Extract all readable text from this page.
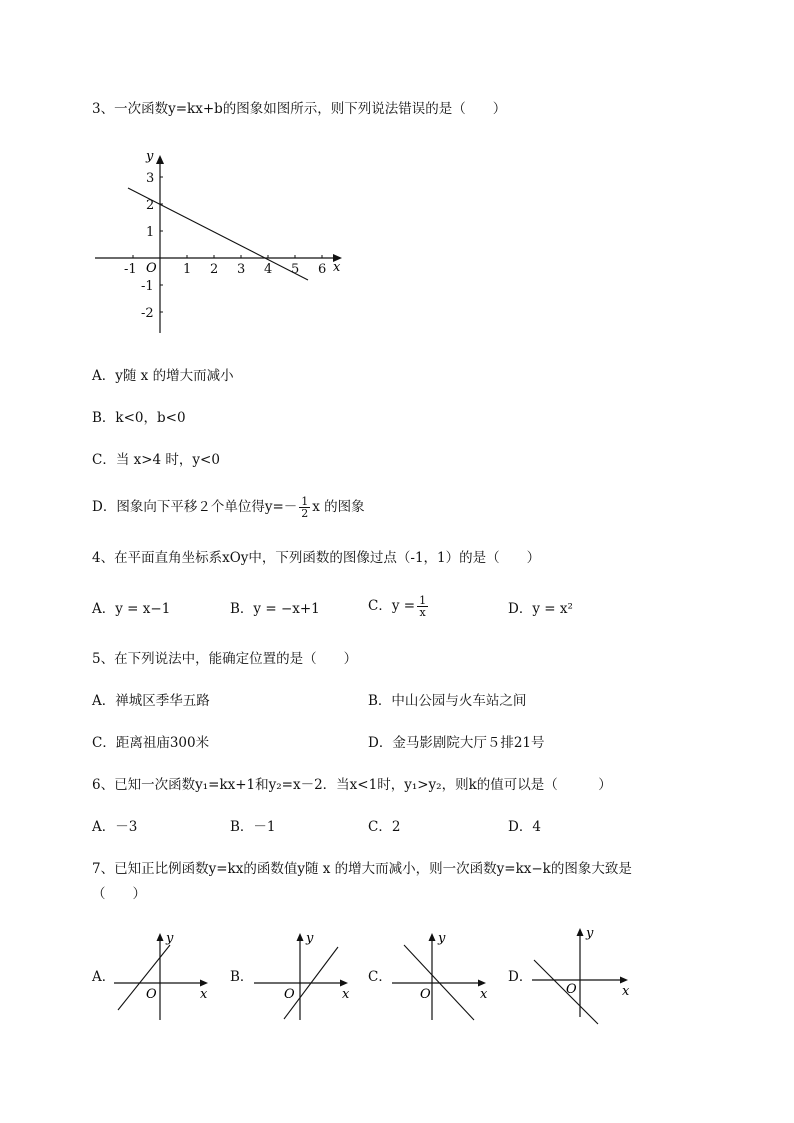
3、一次函数y=kx+b的图象如图所示，则下列说法错误的是（　　）
-1	1 2 3 4 5 6
3
2
1
-1
-2
O	x
y
A．y随 x 的增大而减小
B．k<0，b<0
C．当 x>4 时，y<0
D．图象向下平移２个单位得$y=- \frac{1}{2}$ x 的图象
4、在平面直角坐标系xOy中，下列函数的图像过点（-1，1）的是（　　）
A．y = x−1	B．y = −x+1	C．$y = \frac{1}{x}$	D．y = x²
5、在下列说法中，能确定位置的是（　　）
A．禅城区季华五路	B．中山公园与火车站之间
C．距离祖庙300米	D．金马影剧院大厅５排21号
6、已知一次函数y₁=kx+1和y₂=x－2．当x<1时，y₁>y₂，则k的值可以是（　　　）
A．－3	B．－1	C．2	D．4
7、已知正比例函数y=kx的函数值y随 x 的增大而减小，则一次函数y=kx−k的图象大致是
（　　）
A．
x
y
O
B．
x
y
O
C．
x
y
O
D．
x
y
O
